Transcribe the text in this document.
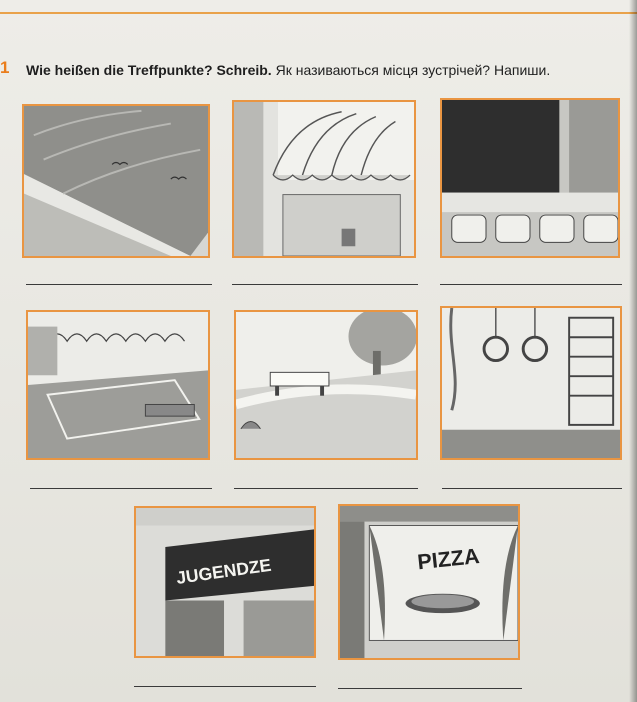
1 Wie heißen die Treffpunkte? Schreib. Як називаються місця зустрічей? Напиши.
JUGENDZE	PIZZA
